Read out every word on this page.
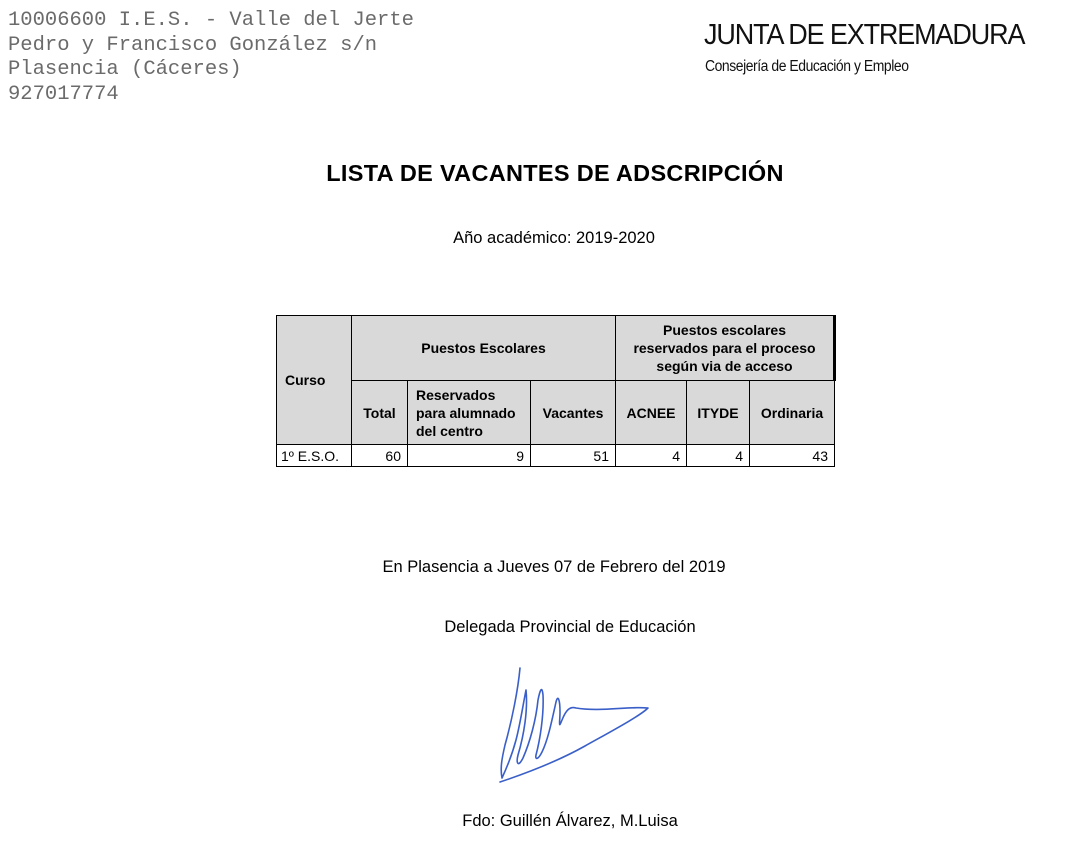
10006600 I.E.S. - Valle del Jerte
Pedro y Francisco González s/n
Plasencia (Cáceres)
927017774
JUNTA DE EXTREMADURA
Consejería de Educación y Empleo
LISTA DE VACANTES DE ADSCRIPCIÓN
Año académico: 2019-2020
Curso	Puestos Escolares			Puestos escolares
reservados para el proceso
según via de acceso		
	Total	Reservados
para alumnado
del centro	Vacantes	ACNEE	ITYDE	Ordinaria
1º E.S.O.	60	9	51	4	4	43
En Plasencia a Jueves 07 de Febrero del 2019
Delegada Provincial de Educación
Fdo: Guillén Álvarez, M.Luisa
